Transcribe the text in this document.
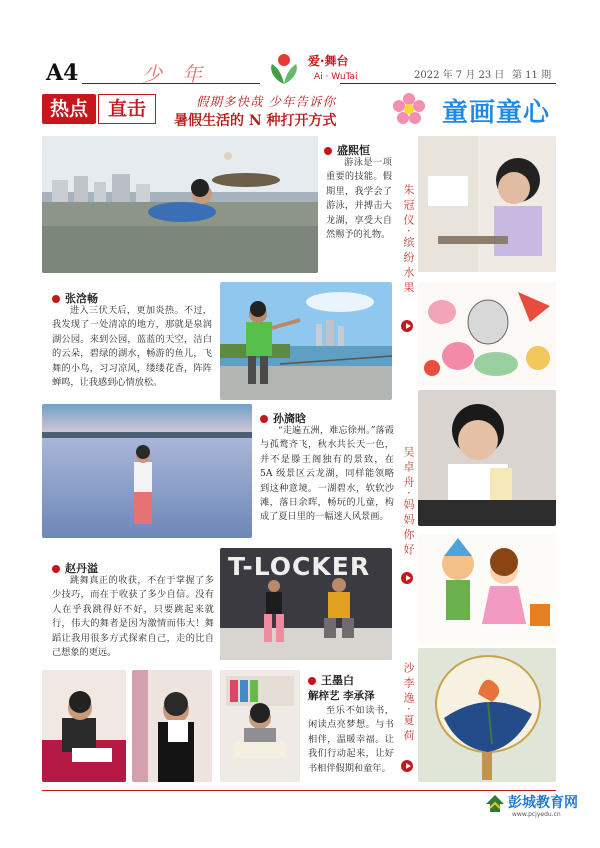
A4	少年
爱·舞台
Ai · WuTai	2022 年 7 月 23 日 第 11 期
热点	直击	假期多快哉 少年告诉你
暑假生活的 N 种打开方式	童画童心
盛熙恒
游泳是一项重要的技能。假期里，我学会了游泳，并搏击大龙湖，享受大自然赐予的礼物。
张浛畅
进入三伏天后，更加炎热。不过，我发现了一处清凉的地方，那就是泉润湖公园。来到公园，蓝蓝的天空，洁白的云朵，碧绿的湖水，畅游的鱼儿，飞舞的小鸟，习习凉风，缕缕花香，阵阵蝉鸣，让我感到心情放松。
孙旖晗
“走遍五洲，难忘徐州。”落霞与孤鹜齐飞，秋水共长天一色，并不是滕王阁独有的景致，在 5A 级景区云龙湖，同样能领略到这种意境。一湖碧水，软软沙滩，落日余晖，畅玩的儿童，构成了夏日里的一幅迷人风景画。
赵丹溢
跳舞真正的收获，不在于掌握了多少技巧，而在于收获了多少自信。没有人在乎我跳得好不好，只要跳起来就行，伟大的舞者是因为激情而伟大！舞蹈让我用很多方式探索自己，走的比自己想象的更远。
T-LOCKER
王墨白
解梓艺 李承泽
至乐不如读书，闲读点亮梦想。与书相伴，温暖幸福。让我们行动起来，让好书相伴假期和童年。
朱冠仪·缤纷水果
吴卓舟·妈妈你好
沙李逸·夏荷
彭城教育网
www.pcjyedu.cn
